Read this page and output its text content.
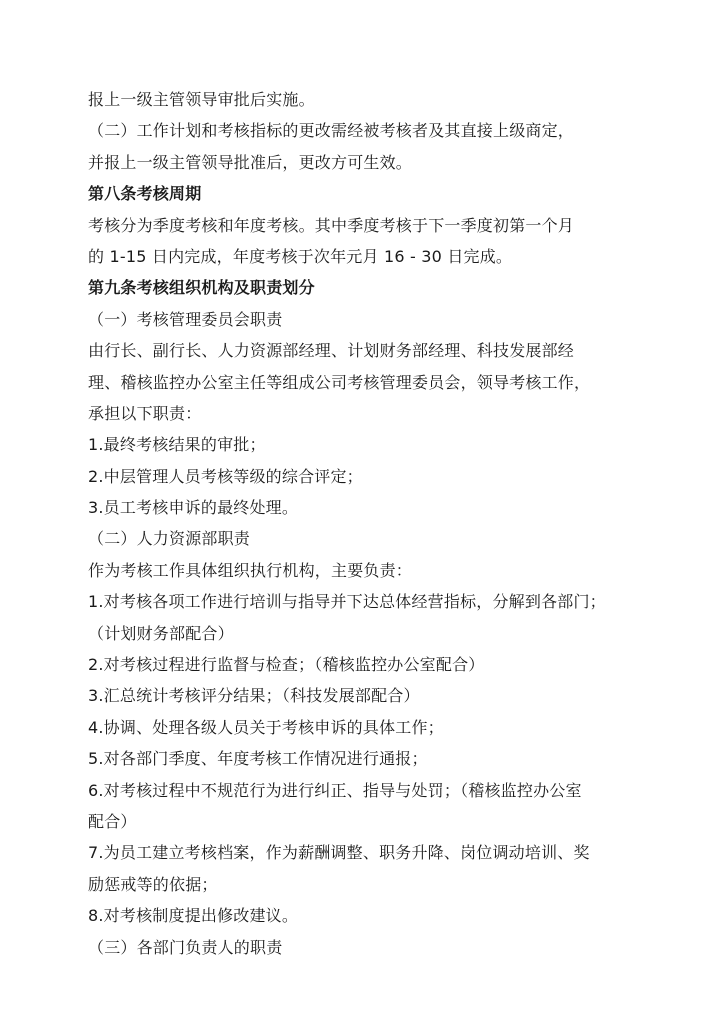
报上一级主管领导审批后实施。
（二）工作计划和考核指标的更改需经被考核者及其直接上级商定，
并报上一级主管领导批准后，更改方可生效。
第八条考核周期
考核分为季度考核和年度考核。其中季度考核于下一季度初第一个月
的 1-15 日内完成，年度考核于次年元月 16 - 30 日完成。
第九条考核组织机构及职责划分
（一）考核管理委员会职责
由行长、副行长、人力资源部经理、计划财务部经理、科技发展部经
理、稽核监控办公室主任等组成公司考核管理委员会，领导考核工作，
承担以下职责：
1.最终考核结果的审批；
2.中层管理人员考核等级的综合评定；
3.员工考核申诉的最终处理。
（二）人力资源部职责
作为考核工作具体组织执行机构，主要负责：
1.对考核各项工作进行培训与指导并下达总体经营指标，分解到各部门；
（计划财务部配合）
2.对考核过程进行监督与检查；（稽核监控办公室配合）
3.汇总统计考核评分结果；（科技发展部配合）
4.协调、处理各级人员关于考核申诉的具体工作；
5.对各部门季度、年度考核工作情况进行通报；
6.对考核过程中不规范行为进行纠正、指导与处罚；（稽核监控办公室
配合）
7.为员工建立考核档案，作为薪酬调整、职务升降、岗位调动培训、奖
励惩戒等的依据；
8.对考核制度提出修改建议。
（三）各部门负责人的职责
